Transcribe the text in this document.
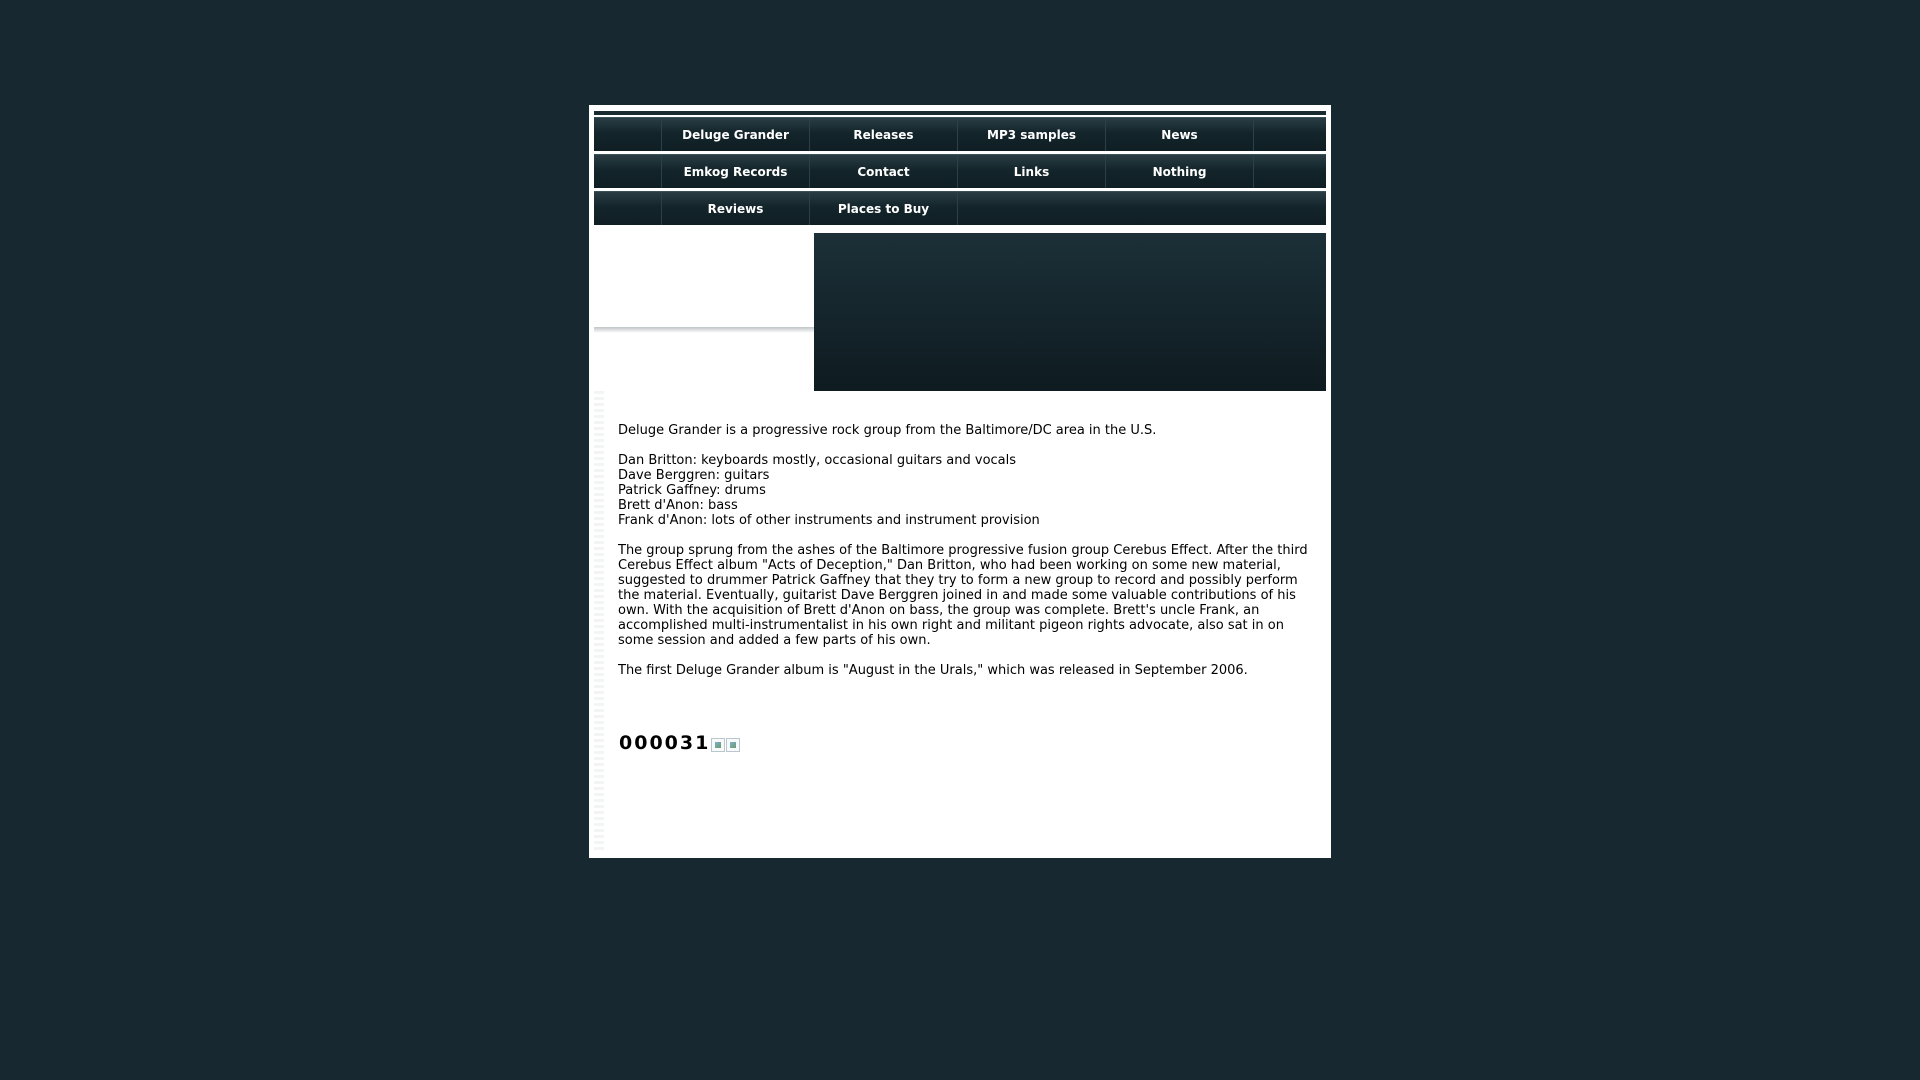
Deluge Grander	Releases	MP3 samples	News
Emkog Records	Contact	Links	Nothing
Reviews	Places to Buy

Deluge Grander is a progressive rock group from the Baltimore/DC area in the U.S.

Dan Britton: keyboards mostly, occasional guitars and vocals
Dave Berggren: guitars
Patrick Gaffney: drums
Brett d'Anon: bass
Frank d'Anon: lots of other instruments and instrument provision

The group sprung from the ashes of the Baltimore progressive fusion group Cerebus Effect. After the third Cerebus Effect album "Acts of Deception," Dan Britton, who had been working on some new material, suggested to drummer Patrick Gaffney that they try to form a new group to record and possibly perform the material. Eventually, guitarist Dave Berggren joined in and made some valuable contributions of his own. With the acquisition of Brett d'Anon on bass, the group was complete. Brett's uncle Frank, an accomplished multi-instrumentalist in his own right and militant pigeon rights advocate, also sat in on some session and added a few parts of his own.

The first Deluge Grander album is "August in the Urals," which was released in September 2006.

000031
